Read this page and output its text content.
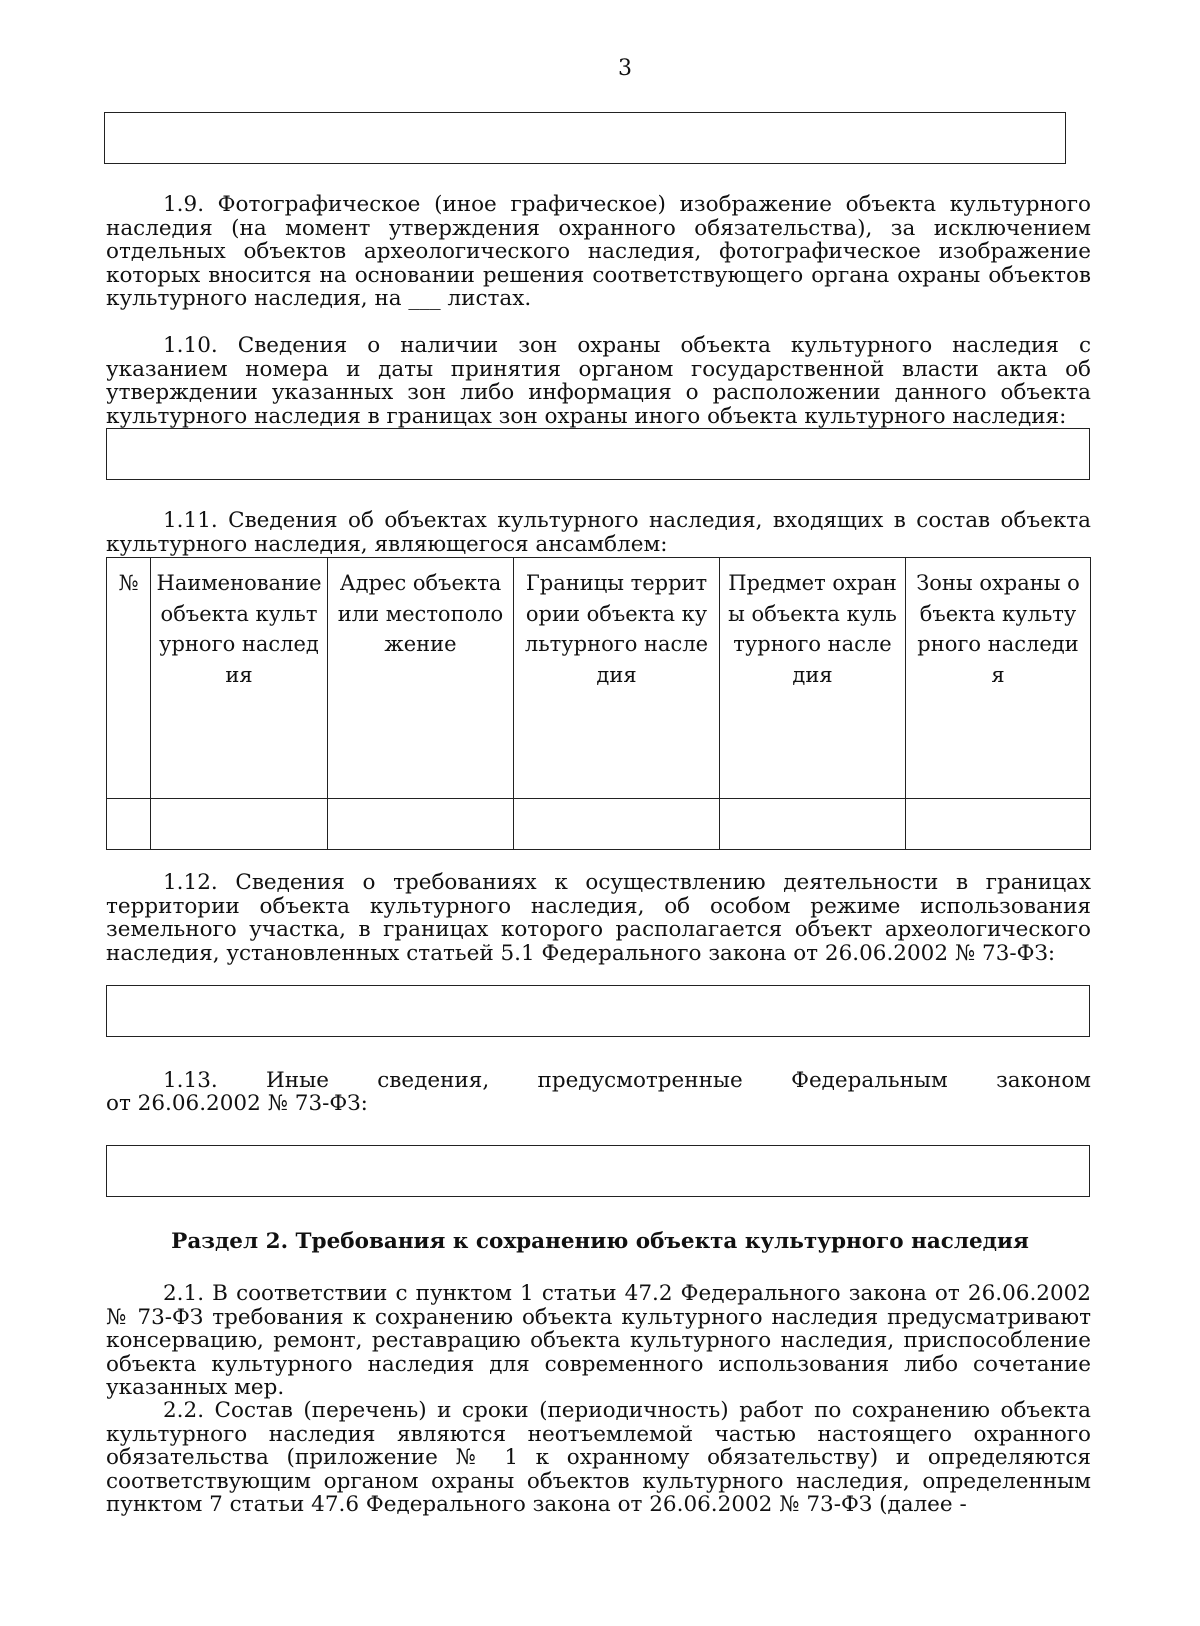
3

1.9. Фотографическое (иное графическое) изображение объекта культурного наследия (на момент утверждения охранного обязательства), за исключением отдельных объектов археологического наследия, фотографическое изображение которых вносится на основании решения соответствующего органа охраны объектов культурного наследия, на ___ листах.

1.10. Сведения о наличии зон охраны объекта культурного наследия с указанием номера и даты принятия органом государственной власти акта об утверждении указанных зон либо информация о расположении данного объекта культурного наследия в границах зон охраны иного объекта культурного наследия:

1.11. Сведения об объектах культурного наследия, входящих в состав объекта культурного наследия, являющегося ансамблем:

№	Наименование объекта культурного наследия	Адрес объекта или местоположение	Границы территории объекта культурного наследия	Предмет охраны объекта культурного наследия	Зоны охраны объекта культурного наследия

1.12. Сведения о требованиях к осуществлению деятельности в границах территории объекта культурного наследия, об особом режиме использования земельного участка, в границах которого располагается объект археологического наследия, установленных статьей 5.1 Федерального закона от 26.06.2002 № 73-ФЗ:

1.13. Иные сведения, предусмотренные Федеральным законом

от 26.06.2002 № 73-ФЗ:

Раздел 2. Требования к сохранению объекта культурного наследия

2.1. В соответствии с пунктом 1 статьи 47.2 Федерального закона от 26.06.2002 № 73-ФЗ требования к сохранению объекта культурного наследия предусматривают консервацию, ремонт, реставрацию объекта культурного наследия, приспособление объекта культурного наследия для современного использования либо сочетание указанных мер.

2.2. Состав (перечень) и сроки (периодичность) работ по сохранению объекта культурного наследия являются неотъемлемой частью настоящего охранного обязательства (приложение № 1 к охранному обязательству) и определяются соответствующим органом охраны объектов культурного наследия, определенным пунктом 7 статьи 47.6 Федерального закона от 26.06.2002 № 73-ФЗ (далее -
